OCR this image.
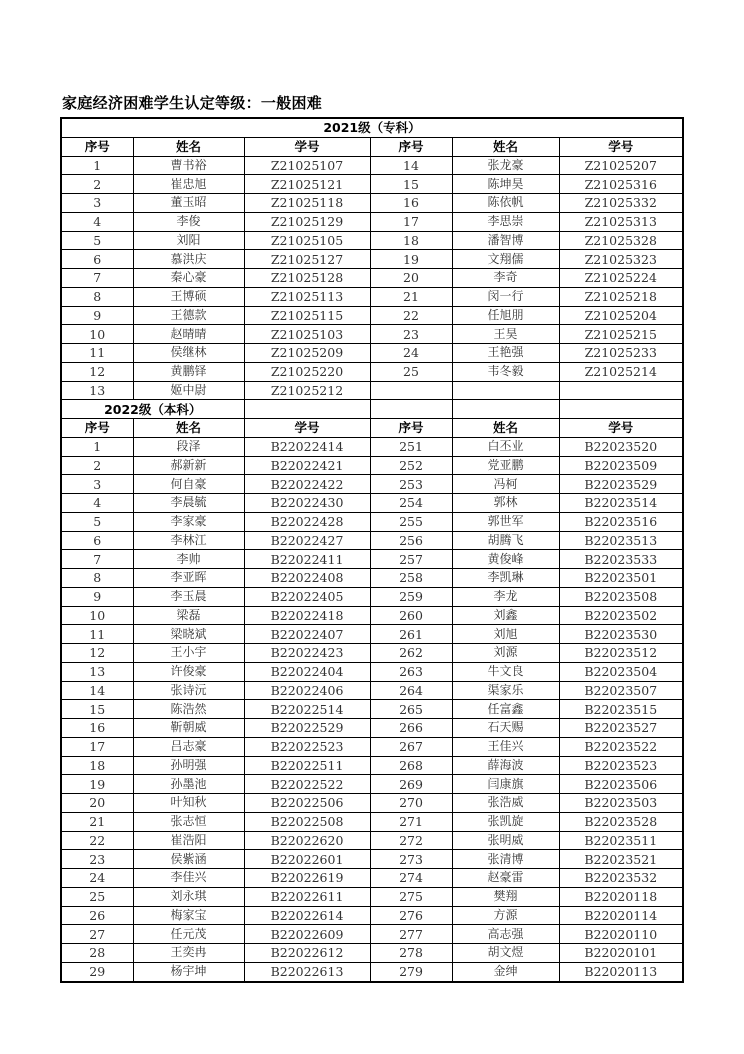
家庭经济困难学生认定等级：一般困难
2021级（专科）					
序号	姓名	学号	序号	姓名	学号
1	曹书裕	Z21025107	14	张龙豪	Z21025207
2	崔忠旭	Z21025121	15	陈坤昊	Z21025316
3	董玉昭	Z21025118	16	陈依帆	Z21025332
4	李俊	Z21025129	17	李思崇	Z21025313
5	刘阳	Z21025105	18	潘智博	Z21025328
6	慕洪庆	Z21025127	19	文翔儒	Z21025323
7	秦心豪	Z21025128	20	李奇	Z21025224
8	王博硕	Z21025113	21	闵一行	Z21025218
9	王德款	Z21025115	22	任旭朋	Z21025204
10	赵晴晴	Z21025103	23	王昊	Z21025215
11	侯继林	Z21025209	24	王艳强	Z21025233
12	黄鹏铎	Z21025220	25	韦冬毅	Z21025214
13	姬中尉	Z21025212			
2022级（本科）					
序号	姓名	学号	序号	姓名	学号
1	段泽	B22022414	251	白丕业	B22023520
2	郝新新	B22022421	252	党亚鹏	B22023509
3	何自豪	B22022422	253	冯柯	B22023529
4	李晨毓	B22022430	254	郭林	B22023514
5	李家豪	B22022428	255	郭世军	B22023516
6	李林江	B22022427	256	胡腾飞	B22023513
7	李帅	B22022411	257	黄俊峰	B22023533
8	李亚晖	B22022408	258	李凯琳	B22023501
9	李玉晨	B22022405	259	李龙	B22023508
10	梁磊	B22022418	260	刘鑫	B22023502
11	梁晓斌	B22022407	261	刘旭	B22023530
12	王小宇	B22022423	262	刘源	B22023512
13	许俊豪	B22022404	263	牛文良	B22023504
14	张诗沅	B22022406	264	渠家乐	B22023507
15	陈浩然	B22022514	265	任富鑫	B22023515
16	靳朝威	B22022529	266	石天赐	B22023527
17	吕志豪	B22022523	267	王佳兴	B22023522
18	孙明强	B22022511	268	薛海波	B22023523
19	孙墨池	B22022522	269	闫康旗	B22023506
20	叶知秋	B22022506	270	张浩威	B22023503
21	张志恒	B22022508	271	张凯旋	B22023528
22	崔浩阳	B22022620	272	张明威	B22023511
23	侯紫涵	B22022601	273	张清博	B22023521
24	李佳兴	B22022619	274	赵豪雷	B22023532
25	刘永琪	B22022611	275	樊翔	B22020118
26	梅家宝	B22022614	276	方源	B22020114
27	任元茂	B22022609	277	高志强	B22020110
28	王奕冉	B22022612	278	胡文煜	B22020101
29	杨宇坤	B22022613	279	金绅	B22020113
